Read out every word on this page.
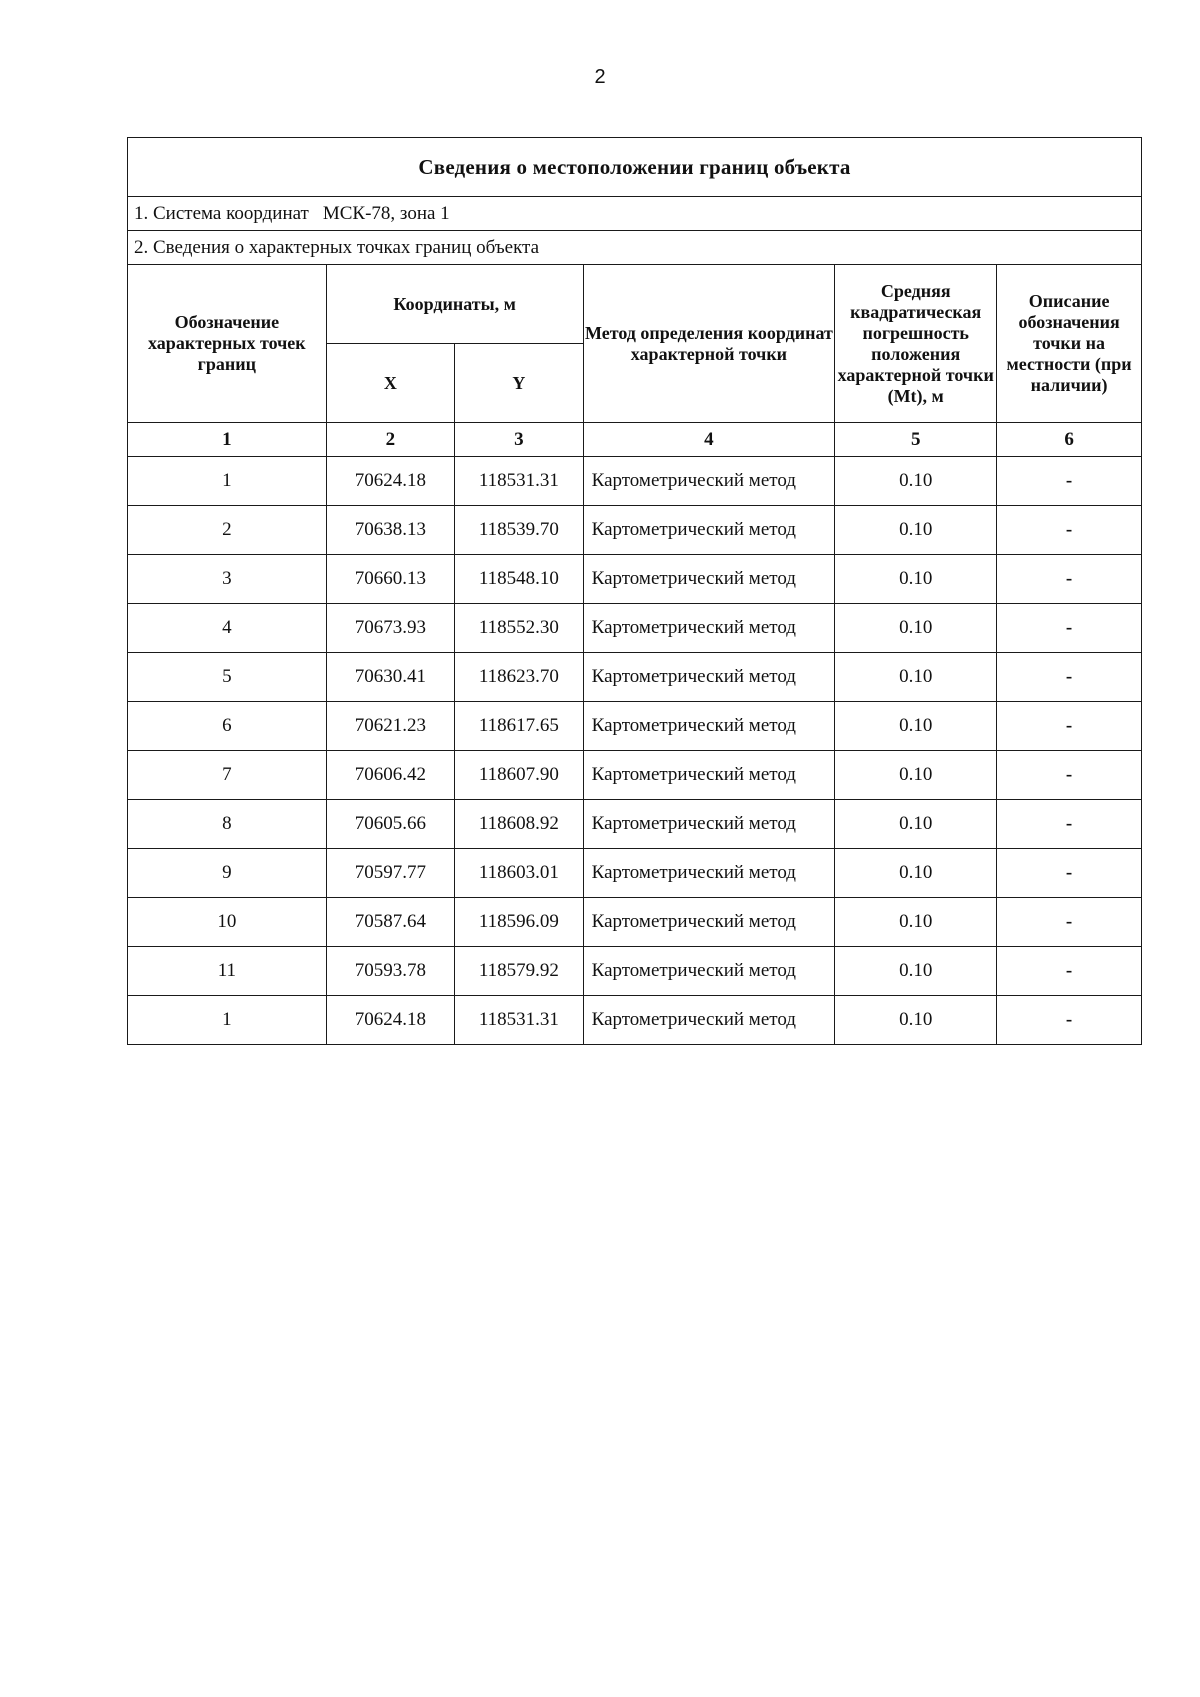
2
Сведения о местоположении границ объекта					
1. Система координат МСК-78, зона 1					
2. Сведения о характерных точках границ объекта					
Обозначение характерных точек границ	Координаты, м		Метод определения координат характерной точки	Средняя квадратическая погрешность положения характерной точки (Mt), м	Описание обозначения точки на местности (при наличии)
	X	Y			
1	2	3	4	5	6
1	70624.18	118531.31	Картометрический метод	0.10	-
2	70638.13	118539.70	Картометрический метод	0.10	-
3	70660.13	118548.10	Картометрический метод	0.10	-
4	70673.93	118552.30	Картометрический метод	0.10	-
5	70630.41	118623.70	Картометрический метод	0.10	-
6	70621.23	118617.65	Картометрический метод	0.10	-
7	70606.42	118607.90	Картометрический метод	0.10	-
8	70605.66	118608.92	Картометрический метод	0.10	-
9	70597.77	118603.01	Картометрический метод	0.10	-
10	70587.64	118596.09	Картометрический метод	0.10	-
11	70593.78	118579.92	Картометрический метод	0.10	-
1	70624.18	118531.31	Картометрический метод	0.10	-
